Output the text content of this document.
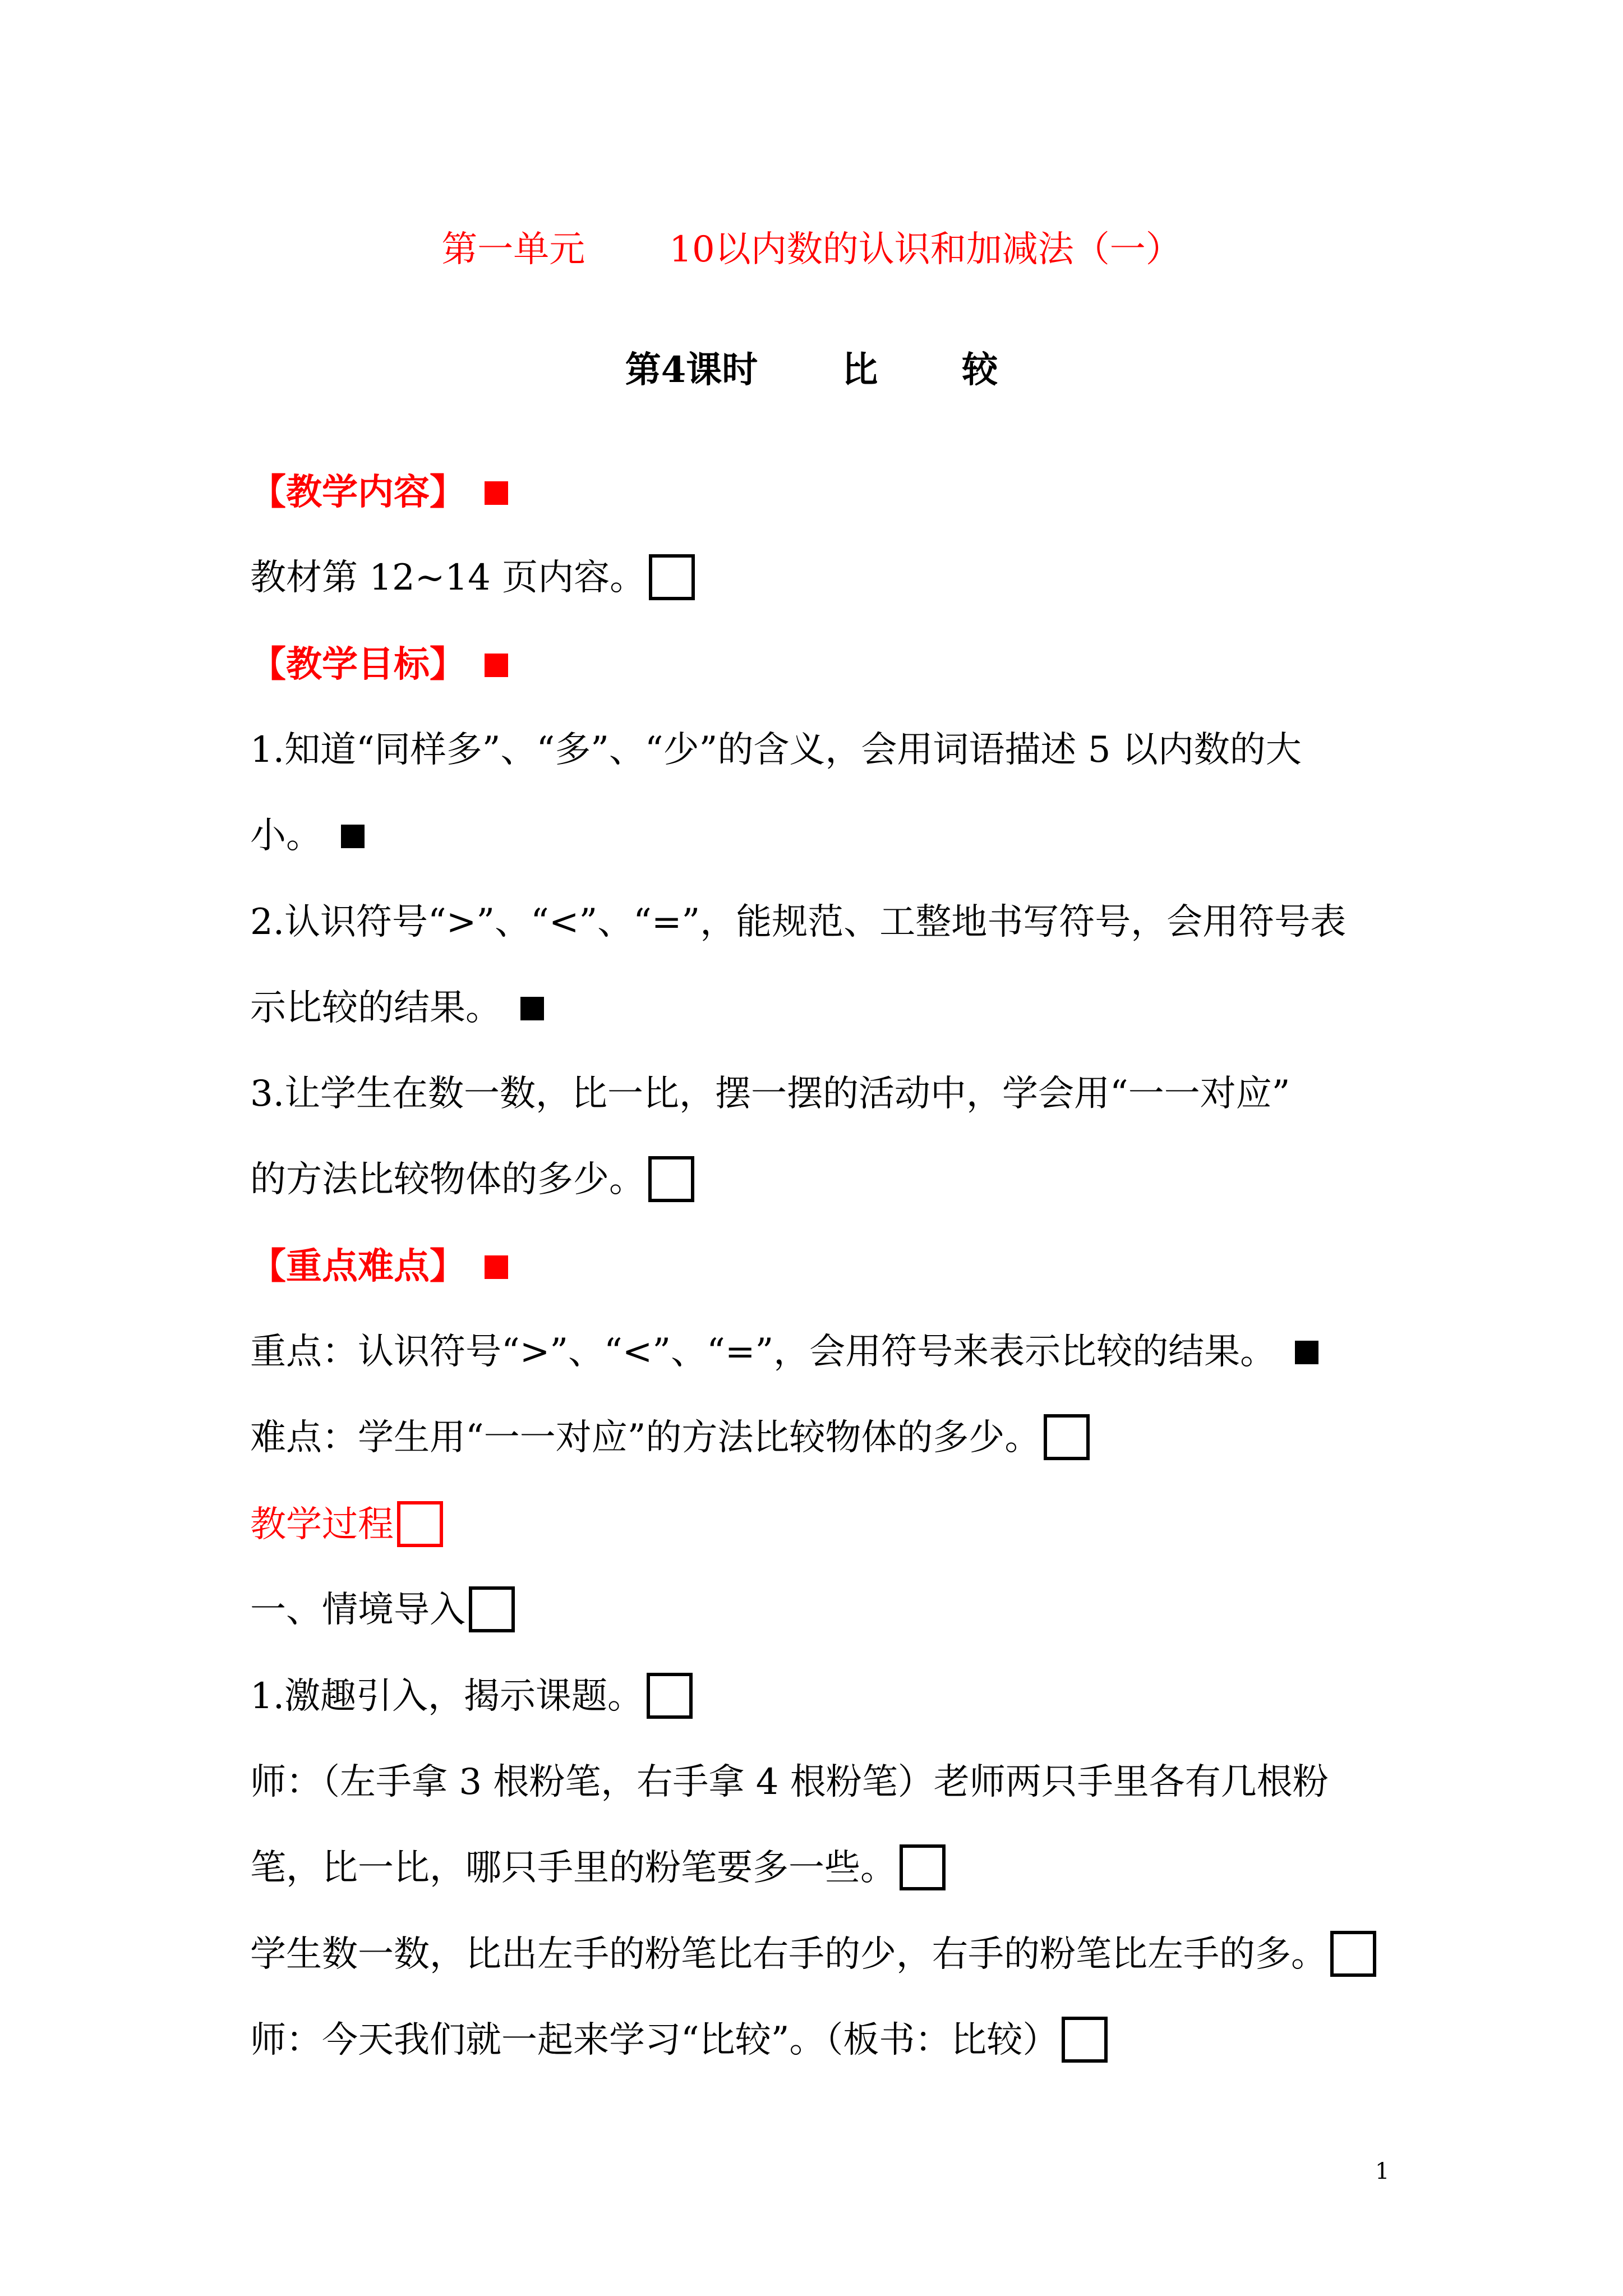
第一单元 10以内数的认识和加减法（一）
第4课时 比 较
【教学内容】
教材第 12~14 页内容。
【教学目标】
1.知道“同样多”、“多”、“少”的含义，会用词语描述 5 以内数的大
小。
2.认识符号“>”、“<”、“=”，能规范、工整地书写符号，会用符号表
示比较的结果。
3.让学生在数一数，比一比，摆一摆的活动中，学会用“一一对应”
的方法比较物体的多少。
【重点难点】
重点：认识符号“>”、“<”、“=”，会用符号来表示比较的结果。
难点：学生用“一一对应”的方法比较物体的多少。
教学过程
一、情境导入
1.激趣引入，揭示课题。
师：（左手拿 3 根粉笔，右手拿 4 根粉笔）老师两只手里各有几根粉
笔，比一比，哪只手里的粉笔要多一些。
学生数一数，比出左手的粉笔比右手的少，右手的粉笔比左手的多。
师：今天我们就一起来学习“比较”。（板书：比较）
1
